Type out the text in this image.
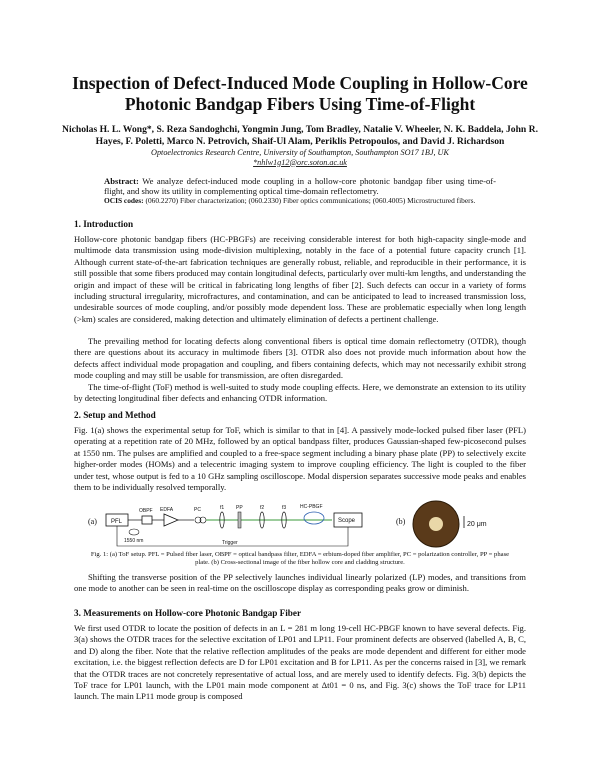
Inspection of Defect-Induced Mode Coupling in Hollow-Core Photonic Bandgap Fibers Using Time-of-Flight
Nicholas H. L. Wong*, S. Reza Sandoghchi, Yongmin Jung, Tom Bradley, Natalie V. Wheeler, N. K. Baddela, John R. Hayes, F. Poletti, Marco N. Petrovich, Shaif-Ul Alam, Periklis Petropoulos, and David J. Richardson
Optoelectronics Research Centre, University of Southampton, Southampton SO17 1BJ, UK
*nhlw1g12@orc.soton.ac.uk
Abstract: We analyze defect-induced mode coupling in a hollow-core photonic bandgap fiber using time-of-flight, and show its utility in complementing optical time-domain reflectometry.
OCIS codes: (060.2270) Fiber characterization; (060.2330) Fiber optics communications; (060.4005) Microstructured fibers.
1. Introduction

Hollow-core photonic bandgap fibers (HC-PBGFs) are receiving considerable interest for both high-capacity single-mode and multimode data transmission using mode-division multiplexing, notably in the face of a potential future capacity crunch [1]. Although current state-of-the-art fabrication techniques are generally robust, reliable, and reproducible in their performance, it is still possible that some fibers produced may contain longitudinal defects, particularly over multi-km lengths, and understanding the origin and impact of these will be critical in fabricating long lengths of fiber [2]. Such defects can occur in a variety of forms including structural irregularity, microfractures, and contamination, and can be anticipated to lead to increased transmission loss, undesirable sources of mode coupling, and/or possibly mode dependent loss. These are problematic especially when long length (>km) scales are considered, making detection and ultimately elimination of defects a pertinent challenge.

The prevailing method for locating defects along conventional fibers is optical time domain reflectometry (OTDR), though there are questions about its accuracy in multimode fibers [3]. OTDR also does not provide much information about how the defects affect individual mode propagation and coupling, and fibers containing defects, which may not necessarily exhibit strong mode coupling and may still be usable for transmission, are often disregarded.

The time-of-flight (ToF) method is well-suited to study mode coupling effects. Here, we demonstrate an extension to its utility by detecting longitudinal fiber defects and enhancing OTDR information.

2. Setup and Method

Fig. 1(a) shows the experimental setup for ToF, which is similar to that in [4]. A passively mode-locked pulsed fiber laser (PFL) operating at a repetition rate of 20 MHz, followed by an optical bandpass filter, produces Gaussian-shaped few-picosecond pulses at 1550 nm. The pulses are amplified and coupled to a free-space segment including a binary phase plate (PP) to selectively excite higher-order modes (HOMs) and a telecentric imaging system to improve coupling efficiency. The light is coupled to the fiber under test, whose output is fed to a 10 GHz sampling oscilloscope. Modal dispersion separates successive mode peaks and enables them to be individually resolved temporally.

(a) PFL
OBPF EDFA	PC
1550 nm
f1 PP	f2	f3	HC-PBGF
Scope
Trigger
(b)	20 μm
Fig. 1: (a) ToF setup. PFL = Pulsed fiber laser, OBPF = optical bandpass filter, EDFA = erbium-doped fiber amplifier, PC = polarization controller, PP = phase plate. (b) Cross-sectional image of the fiber hollow core and cladding structure.

Shifting the transverse position of the PP selectively launches individual linearly polarized (LP) modes, and transitions from one mode to another can be seen in real-time on the oscilloscope display as corresponding peaks grow or diminish.

3. Measurements on Hollow-core Photonic Bandgap Fiber

We first used OTDR to locate the position of defects in an L = 281 m long 19-cell HC-PBGF known to have several defects. Fig. 3(a) shows the OTDR traces for the selective excitation of LP01 and LP11. Four prominent defects are observed (labelled A, B, C, and D) along the fiber. Note that the relative reflection amplitudes of the peaks are mode dependent and different for either mode excitation, i.e. the biggest reflection defects are D for LP01 excitation and B for LP11. As per the concerns raised in [3], we remark that the OTDR traces are not concretely representative of actual loss, and are merely used to identify defects. Fig. 3(b) depicts the ToF trace for LP01 launch, with the LP01 main mode component at Δt01 = 0 ns, and Fig. 3(c) shows the ToF trace for LP11 launch. The main LP11 mode group is composed
